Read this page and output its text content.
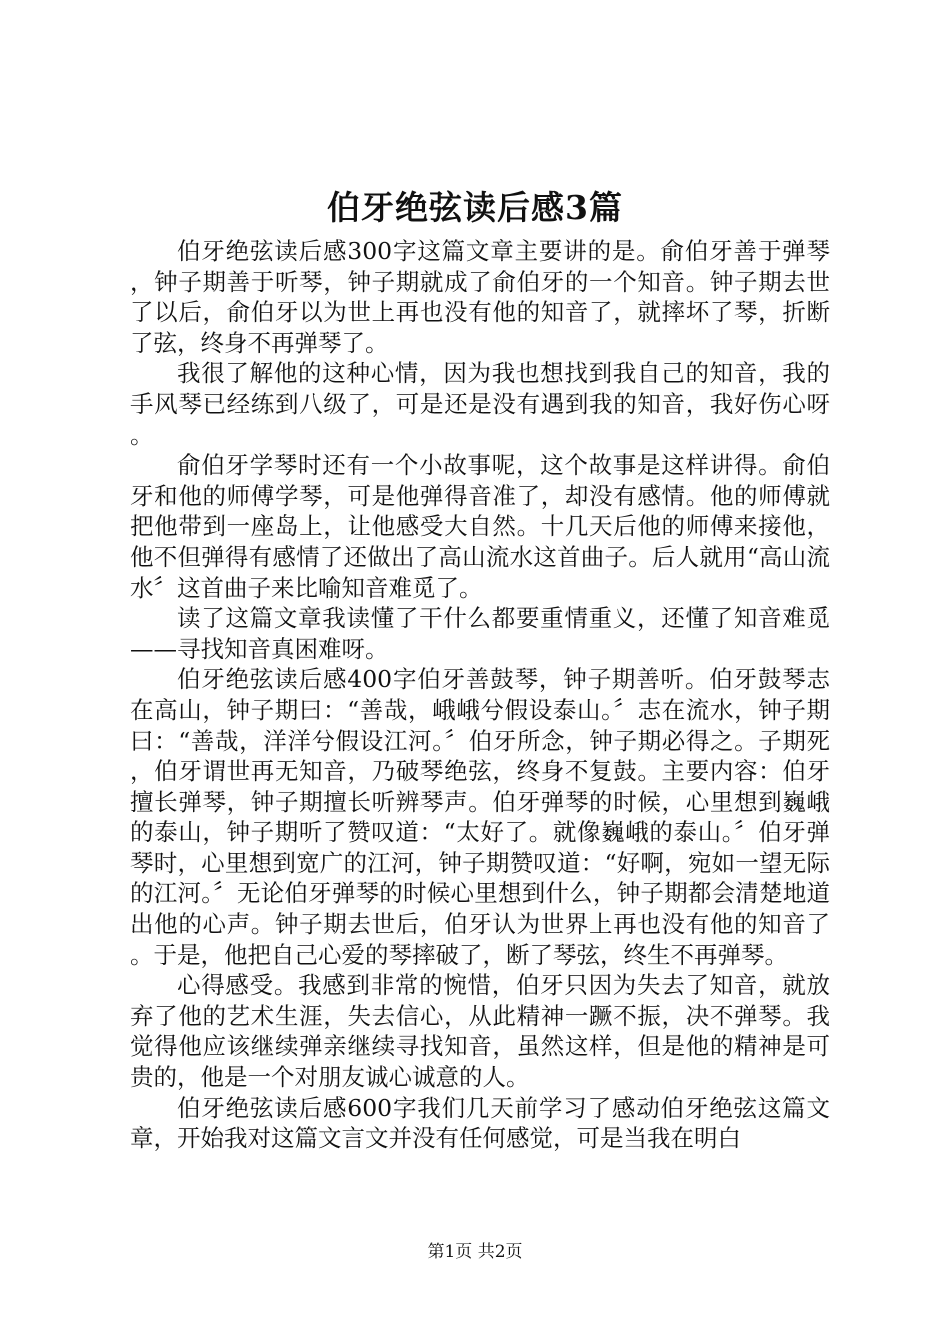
伯牙绝弦读后感3篇

伯牙绝弦读后感300字这篇文章主要讲的是。俞伯牙善于弹琴，钟子期善于听琴，钟子期就成了俞伯牙的一个知音。钟子期去世了以后，俞伯牙以为世上再也没有他的知音了，就摔坏了琴，折断了弦，终身不再弹琴了。

我很了解他的这种心情，因为我也想找到我自己的知音，我的手风琴已经练到八级了，可是还是没有遇到我的知音，我好伤心呀。

俞伯牙学琴时还有一个小故事呢，这个故事是这样讲得。俞伯牙和他的师傅学琴，可是他弹得音准了，却没有感情。他的师傅就把他带到一座岛上，让他感受大自然。十几天后他的师傅来接他，他不但弹得有感情了还做出了高山流水这首曲子。后人就用“高山流水〞这首曲子来比喻知音难觅了。

读了这篇文章我读懂了干什么都要重情重义，还懂了知音难觅——寻找知音真困难呀。

伯牙绝弦读后感400字伯牙善鼓琴，钟子期善听。伯牙鼓琴志在高山，钟子期曰：“善哉，峨峨兮假设泰山。〞志在流水，钟子期曰：“善哉，洋洋兮假设江河。〞伯牙所念，钟子期必得之。子期死，伯牙谓世再无知音，乃破琴绝弦，终身不复鼓。主要内容：伯牙擅长弹琴，钟子期擅长听辨琴声。伯牙弹琴的时候，心里想到巍峨的泰山，钟子期听了赞叹道：“太好了。就像巍峨的泰山。〞伯牙弹琴时，心里想到宽广的江河，钟子期赞叹道：“好啊，宛如一望无际的江河。〞无论伯牙弹琴的时候心里想到什么，钟子期都会清楚地道出他的心声。钟子期去世后，伯牙认为世界上再也没有他的知音了。于是，他把自己心爱的琴摔破了，断了琴弦，终生不再弹琴。

心得感受。我感到非常的惋惜，伯牙只因为失去了知音，就放弃了他的艺术生涯，失去信心，从此精神一蹶不振，决不弹琴。我觉得他应该继续弹亲继续寻找知音，虽然这样，但是他的精神是可贵的，他是一个对朋友诚心诚意的人。

伯牙绝弦读后感600字我们几天前学习了感动伯牙绝弦这篇文章，开始我对这篇文言文并没有任何感觉，可是当我在明白

第1页 共2页
